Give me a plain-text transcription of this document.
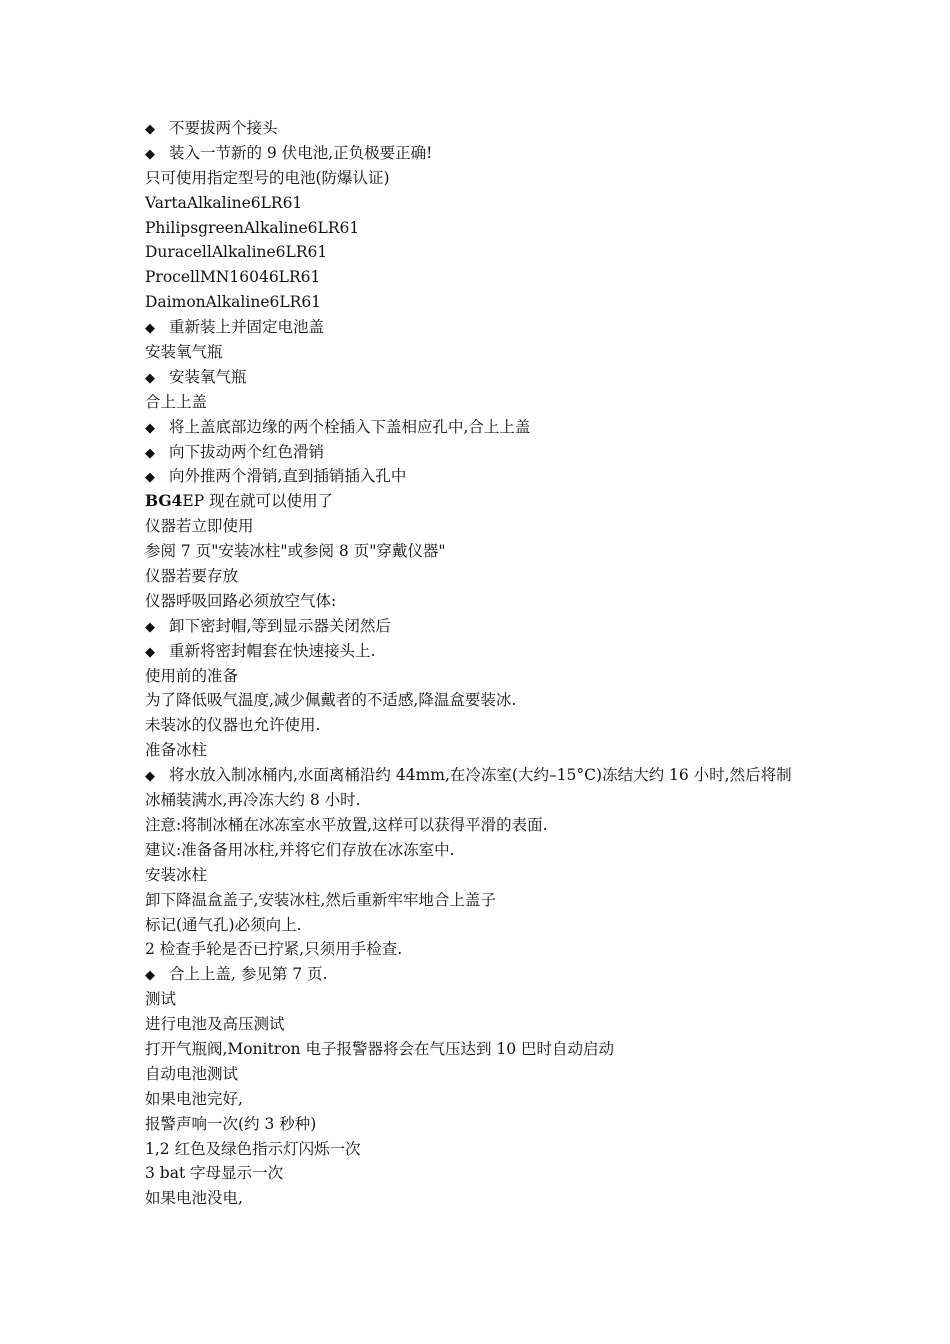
◆ 不要拔两个接头
◆ 装入一节新的 9 伏电池,正负极要正确!
只可使用指定型号的电池(防爆认证)
VartaAlkaline6LR61
PhilipsgreenAlkaline6LR61
DuracellAlkaline6LR61
ProcellMN16046LR61
DaimonAlkaline6LR61
◆ 重新装上并固定电池盖
安装氧气瓶
◆ 安装氧气瓶
合上上盖
◆ 将上盖底部边缘的两个栓插入下盖相应孔中,合上上盖
◆ 向下拔动两个红色滑销
◆ 向外推两个滑销,直到插销插入孔中
BG4EP 现在就可以使用了
仪器若立即使用
参阅 7 页"安装冰柱"或参阅 8 页"穿戴仪器"
仪器若要存放
仪器呼吸回路必须放空气体:
◆ 卸下密封帽,等到显示器关闭然后
◆ 重新将密封帽套在快速接头上.
使用前的准备
为了降低吸气温度,减少佩戴者的不适感,降温盒要装冰.
未装冰的仪器也允许使用.
准备冰柱
◆ 将水放入制冰桶内,水面离桶沿约 44mm,在冷冻室(大约–15°C)冻结大约 16 小时,然后将制
冰桶装满水,再冷冻大约 8 小时.
注意:将制冰桶在冰冻室水平放置,这样可以获得平滑的表面.
建议:准备备用冰柱,并将它们存放在冰冻室中.
安装冰柱
卸下降温盒盖子,安装冰柱,然后重新牢牢地合上盖子
标记(通气孔)必须向上.
2 检查手轮是否已拧紧,只须用手检查.
◆ 合上上盖, 参见第 7 页.
测试
进行电池及高压测试
打开气瓶阀,Monitron 电子报警器将会在气压达到 10 巴时自动启动
自动电池测试
如果电池完好,
报警声响一次(约 3 秒种)
1,2 红色及绿色指示灯闪烁一次
3 bat 字母显示一次
如果电池没电,
